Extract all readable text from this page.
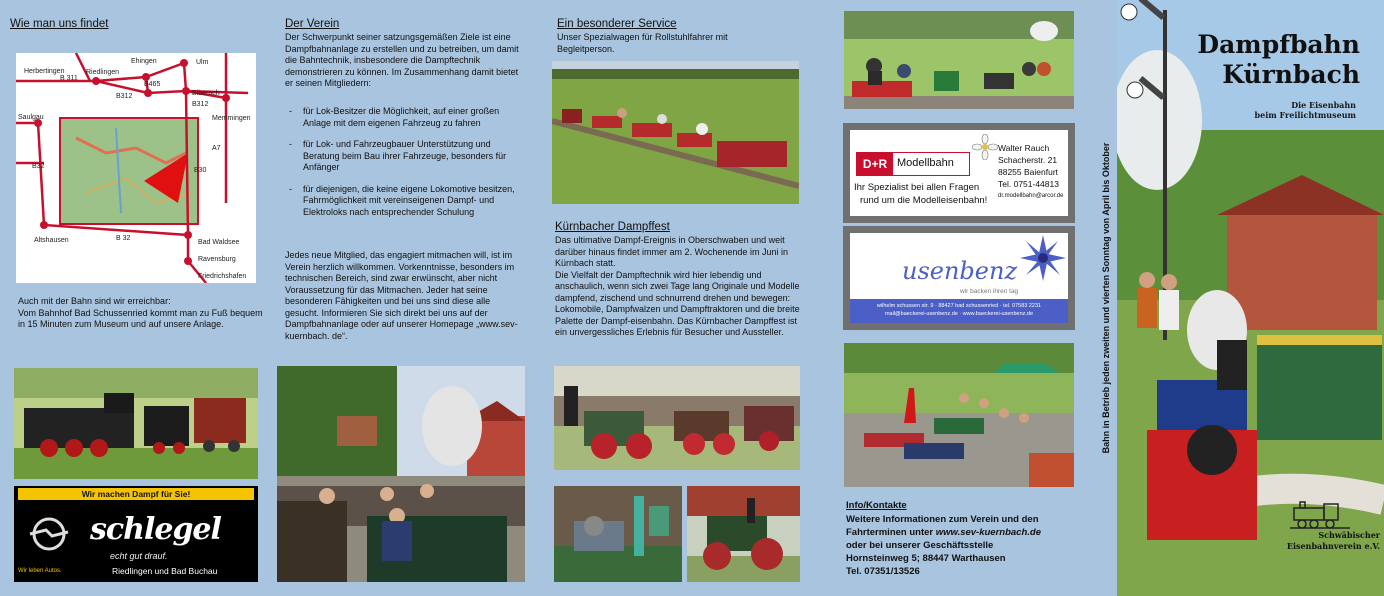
Wie man uns findet

Herbertingen	Riedlingen
Ehingen	Ulm
Biberach
Saulgau	Memmingen
Altshausen	Bad Waldsee
Ravensburg
Friedrichshafen
B 311
B312
B465
B312
A7
B30
B32
B 32

Auch mit der Bahn sind wir erreichbar:
Vom Bahnhof Bad Schussenried kommt man zu Fuß bequem in 15 Minuten zum Museum und auf unsere Anlage.

Wir machen Dampf für Sie!
schlegel
echt gut drauf.
Wir leben Autos.	Riedlingen und Bad Buchau

Der Verein

Der Schwerpunkt seiner satzungsgemäßen Ziele ist eine Dampfbahnanlage zu erstellen und zu betreiben, um damit die Bahntechnik, insbesondere die Dampftechnik demonstrieren zu können. Im Zusammenhang damit bietet er seinen Mitgliedern:

- für Lok-Besitzer die Möglichkeit, auf einer großen Anlage mit dem eigenen Fahrzeug zu fahren
- für Lok- und Fahrzeugbauer Unterstützung und Beratung beim Bau ihrer Fahrzeuge, besonders für Anfänger
- für diejenigen, die keine eigene Lokomotive besitzen, Fahrmöglichkeit mit vereinseigenen Dampf- und Elektroloks nach entsprechender Schulung

Jedes neue Mitglied, das engagiert mitmachen will, ist im Verein herzlich willkommen. Vorkenntnisse, besonders im technischen Bereich, sind zwar erwünscht, aber nicht Voraussetzung für das Mitmachen. Jeder hat seine besonderen Fähigkeiten und bei uns sind diese alle gesucht. Informieren Sie sich direkt bei uns auf der Dampfbahnanlage oder auf unserer Homepage „www.sev-kuernbach. de“.

Ein besonderer Service

Unser Spezialwagen für Rollstuhlfahrer mit Begleitperson.

Kürnbacher Dampffest

Das ultimative Dampf-Ereignis in Oberschwaben und weit darüber hinaus findet immer am 2. Wochenende im Juni in Kürnbach statt.
Die Vielfalt der Dampftechnik wird hier lebendig und anschaulich, wenn sich zwei Tage lang Originale und Modelle dampfend, zischend und schnurrend drehen und bewegen: Lokomobile, Dampfwalzen und Dampftraktoren und die breite Palette der Dampf-eisenbahn. Das Kürnbacher Dampffest ist ein unvergessliches Erlebnis für Besucher und Aussteller.

D+R Modellbahn
Ihr Spezialist bei allen Fragen
rund um die Modelleisenbahn!
Walter Rauch
Schacherstr. 21
88255 Baienfurt
Tel. 0751-44813
dr.modellbahn@arcor.de
usenbenz
wir backen ihren tag
wilhelm schussen str. 9 · 88427 bad schussenried · tel. 07583 2231
mail@baeckerei-usenbenz.de · www.baeckerei-usenbenz.de

Info/Kontakte

Weitere Informationen zum Verein und den
Fahrterminen unter www.sev-kuernbach.de
oder bei unserer Geschäftsstelle
Hornsteinweg 5; 88447 Warthausen
Tel. 07351/13526
Bahn in Betrieb jeden zweiten und vierten Sonntag von April bis Oktober
Dampfbahn
Kürnbach
Die Eisenbahn
beim Freilichtmuseum
Schwäbischer
Eisenbahnverein e.V.
